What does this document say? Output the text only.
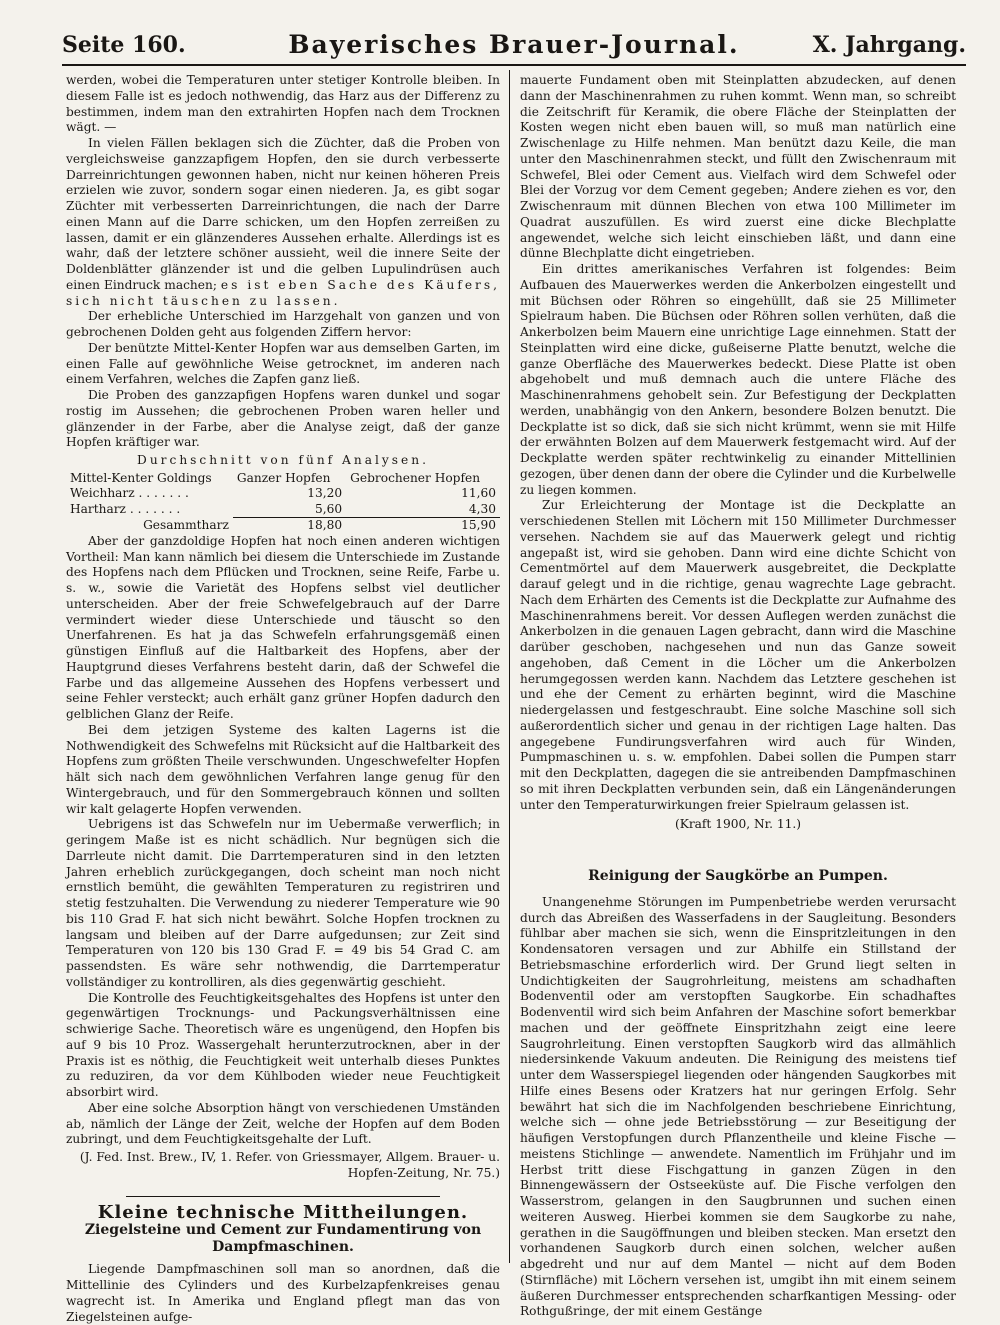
Seite 160.	Bayerisches Brauer-Journal.	X. Jahrgang.

werden, wobei die Temperaturen unter stetiger Kontrolle bleiben. In diesem Falle ist es jedoch nothwendig, das Harz aus der Differenz zu bestimmen, indem man den extrahirten Hopfen nach dem Trocknen wägt. —

In vielen Fällen beklagen sich die Züchter, daß die Proben von vergleichsweise ganzzapfigem Hopfen, den sie durch verbesserte Darreinrichtungen gewonnen haben, nicht nur keinen höheren Preis erzielen wie zuvor, sondern sogar einen niederen. Ja, es gibt sogar Züchter mit verbesserten Darreinrichtungen, die nach der Darre einen Mann auf die Darre schicken, um den Hopfen zerreißen zu lassen, damit er ein glänzenderes Aussehen erhalte. Allerdings ist es wahr, daß der letztere schöner aussieht, weil die innere Seite der Doldenblätter glänzender ist und die gelben Lupulindrüsen auch einen Eindruck machen; es ist eben Sache des Käufers, sich nicht täuschen zu lassen.

Der erhebliche Unterschied im Harzgehalt von ganzen und von gebrochenen Dolden geht aus folgenden Ziffern hervor:

Der benützte Mittel-Kenter Hopfen war aus demselben Garten, im einen Falle auf gewöhnliche Weise getrocknet, im anderen nach einem Verfahren, welches die Zapfen ganz ließ.

Die Proben des ganzzapfigen Hopfens waren dunkel und sogar rostig im Aussehen; die gebrochenen Proben waren heller und glänzender in der Farbe, aber die Analyse zeigt, daß der ganze Hopfen kräftiger war.

Durchschnitt von fünf Analysen.
Mittel-Kenter Goldings	Ganzer Hopfen	Gebrochener Hopfen
Weichharz . . . . . . .	13,20	11,60
Hartharz . . . . . . .	5,60	4,30
Gesammtharz	18,80	15,90

Aber der ganzdoldige Hopfen hat noch einen anderen wichtigen Vortheil: Man kann nämlich bei diesem die Unterschiede im Zustande des Hopfens nach dem Pflücken und Trocknen, seine Reife, Farbe u. s. w., sowie die Varietät des Hopfens selbst viel deutlicher unterscheiden. Aber der freie Schwefelgebrauch auf der Darre vermindert wieder diese Unterschiede und täuscht so den Unerfahrenen. Es hat ja das Schwefeln erfahrungsgemäß einen günstigen Einfluß auf die Haltbarkeit des Hopfens, aber der Hauptgrund dieses Verfahrens besteht darin, daß der Schwefel die Farbe und das allgemeine Aussehen des Hopfens verbessert und seine Fehler versteckt; auch erhält ganz grüner Hopfen dadurch den gelblichen Glanz der Reife.

Bei dem jetzigen Systeme des kalten Lagerns ist die Nothwendigkeit des Schwefelns mit Rücksicht auf die Haltbarkeit des Hopfens zum größten Theile verschwunden. Ungeschwefelter Hopfen hält sich nach dem gewöhnlichen Verfahren lange genug für den Wintergebrauch, und für den Sommergebrauch können und sollten wir kalt gelagerte Hopfen verwenden.

Uebrigens ist das Schwefeln nur im Uebermaße verwerflich; in geringem Maße ist es nicht schädlich. Nur begnügen sich die Darrleute nicht damit. Die Darrtemperaturen sind in den letzten Jahren erheblich zurückgegangen, doch scheint man noch nicht ernstlich bemüht, die gewählten Temperaturen zu registriren und stetig festzuhalten. Die Verwendung zu niederer Temperature wie 90 bis 110 Grad F. hat sich nicht bewährt. Solche Hopfen trocknen zu langsam und bleiben auf der Darre aufgedunsen; zur Zeit sind Temperaturen von 120 bis 130 Grad F. = 49 bis 54 Grad C. am passendsten. Es wäre sehr nothwendig, die Darrtemperatur vollständiger zu kontrolliren, als dies gegenwärtig geschieht.

Die Kontrolle des Feuchtigkeitsgehaltes des Hopfens ist unter den gegenwärtigen Trocknungs- und Packungsverhältnissen eine schwierige Sache. Theoretisch wäre es ungenügend, den Hopfen bis auf 9 bis 10 Proz. Wassergehalt herunterzutrocknen, aber in der Praxis ist es nöthig, die Feuchtigkeit weit unterhalb dieses Punktes zu reduziren, da vor dem Kühlboden wieder neue Feuchtigkeit absorbirt wird.

Aber eine solche Absorption hängt von verschiedenen Umständen ab, nämlich der Länge der Zeit, welche der Hopfen auf dem Boden zubringt, und dem Feuchtigkeitsgehalte der Luft.

(J. Fed. Inst. Brew., IV, 1. Refer. von Griessmayer, Allgem. Brauer- u. Hopfen-Zeitung, Nr. 75.)
Kleine technische Mittheilungen.
Ziegelsteine und Cement zur Fundamentirung von Dampfmaschinen.

Liegende Dampfmaschinen soll man so anordnen, daß die Mittellinie des Cylinders und des Kurbelzapfenkreises genau wagrecht ist. In Amerika und England pflegt man das von Ziegelsteinen aufge-

mauerte Fundament oben mit Steinplatten abzudecken, auf denen dann der Maschinenrahmen zu ruhen kommt. Wenn man, so schreibt die Zeitschrift für Keramik, die obere Fläche der Steinplatten der Kosten wegen nicht eben bauen will, so muß man natürlich eine Zwischenlage zu Hilfe nehmen. Man benützt dazu Keile, die man unter den Maschinenrahmen steckt, und füllt den Zwischenraum mit Schwefel, Blei oder Cement aus. Vielfach wird dem Schwefel oder Blei der Vorzug vor dem Cement gegeben; Andere ziehen es vor, den Zwischenraum mit dünnen Blechen von etwa 100 Millimeter im Quadrat auszufüllen. Es wird zuerst eine dicke Blechplatte angewendet, welche sich leicht einschieben läßt, und dann eine dünne Blechplatte dicht eingetrieben.

Ein drittes amerikanisches Verfahren ist folgendes: Beim Aufbauen des Mauerwerkes werden die Ankerbolzen eingestellt und mit Büchsen oder Röhren so eingehüllt, daß sie 25 Millimeter Spielraum haben. Die Büchsen oder Röhren sollen verhüten, daß die Ankerbolzen beim Mauern eine unrichtige Lage einnehmen. Statt der Steinplatten wird eine dicke, gußeiserne Platte benutzt, welche die ganze Oberfläche des Mauerwerkes bedeckt. Diese Platte ist oben abgehobelt und muß demnach auch die untere Fläche des Maschinenrahmens gehobelt sein. Zur Befestigung der Deckplatten werden, unabhängig von den Ankern, besondere Bolzen benutzt. Die Deckplatte ist so dick, daß sie sich nicht krümmt, wenn sie mit Hilfe der erwähnten Bolzen auf dem Mauerwerk festgemacht wird. Auf der Deckplatte werden später rechtwinkelig zu einander Mittellinien gezogen, über denen dann der obere die Cylinder und die Kurbelwelle zu liegen kommen.

Zur Erleichterung der Montage ist die Deckplatte an verschiedenen Stellen mit Löchern mit 150 Millimeter Durchmesser versehen. Nachdem sie auf das Mauerwerk gelegt und richtig angepaßt ist, wird sie gehoben. Dann wird eine dichte Schicht von Cementmörtel auf dem Mauerwerk ausgebreitet, die Deckplatte darauf gelegt und in die richtige, genau wagrechte Lage gebracht. Nach dem Erhärten des Cements ist die Deckplatte zur Aufnahme des Maschinenrahmens bereit. Vor dessen Auflegen werden zunächst die Ankerbolzen in die genauen Lagen gebracht, dann wird die Maschine darüber geschoben, nachgesehen und nun das Ganze soweit angehoben, daß Cement in die Löcher um die Ankerbolzen herumgegossen werden kann. Nachdem das Letztere geschehen ist und ehe der Cement zu erhärten beginnt, wird die Maschine niedergelassen und festgeschraubt. Eine solche Maschine soll sich außerordentlich sicher und genau in der richtigen Lage halten. Das angegebene Fundirungsverfahren wird auch für Winden, Pumpmaschinen u. s. w. empfohlen. Dabei sollen die Pumpen starr mit den Deckplatten, dagegen die sie antreibenden Dampfmaschinen so mit ihren Deckplatten verbunden sein, daß ein Längenänderungen unter den Temperaturwirkungen freier Spielraum gelassen ist.

(Kraft 1900, Nr. 11.)
Reinigung der Saugkörbe an Pumpen.

Unangenehme Störungen im Pumpenbetriebe werden verursacht durch das Abreißen des Wasserfadens in der Saugleitung. Besonders fühlbar aber machen sie sich, wenn die Einspritzleitungen in den Kondensatoren versagen und zur Abhilfe ein Stillstand der Betriebsmaschine erforderlich wird. Der Grund liegt selten in Undichtigkeiten der Saugrohrleitung, meistens am schadhaften Bodenventil oder am verstopften Saugkorbe. Ein schadhaftes Bodenventil wird sich beim Anfahren der Maschine sofort bemerkbar machen und der geöffnete Einspritzhahn zeigt eine leere Saugrohrleitung. Einen verstopften Saugkorb wird das allmählich niedersinkende Vakuum andeuten. Die Reinigung des meistens tief unter dem Wasserspiegel liegenden oder hängenden Saugkorbes mit Hilfe eines Besens oder Kratzers hat nur geringen Erfolg. Sehr bewährt hat sich die im Nachfolgenden beschriebene Einrichtung, welche sich — ohne jede Betriebsstörung — zur Beseitigung der häufigen Verstopfungen durch Pflanzentheile und kleine Fische — meistens Stichlinge — anwendete. Namentlich im Frühjahr und im Herbst tritt diese Fischgattung in ganzen Zügen in den Binnengewässern der Ostseeküste auf. Die Fische verfolgen den Wasserstrom, gelangen in den Saugbrunnen und suchen einen weiteren Ausweg. Hierbei kommen sie dem Saugkorbe zu nahe, gerathen in die Saugöffnungen und bleiben stecken. Man ersetzt den vorhandenen Saugkorb durch einen solchen, welcher außen abgedreht und nur auf dem Mantel — nicht auf dem Boden (Stirnfläche) mit Löchern versehen ist, umgibt ihn mit einem seinem äußeren Durchmesser entsprechenden scharfkantigen Messing- oder Rothgußringe, der mit einem Gestänge
